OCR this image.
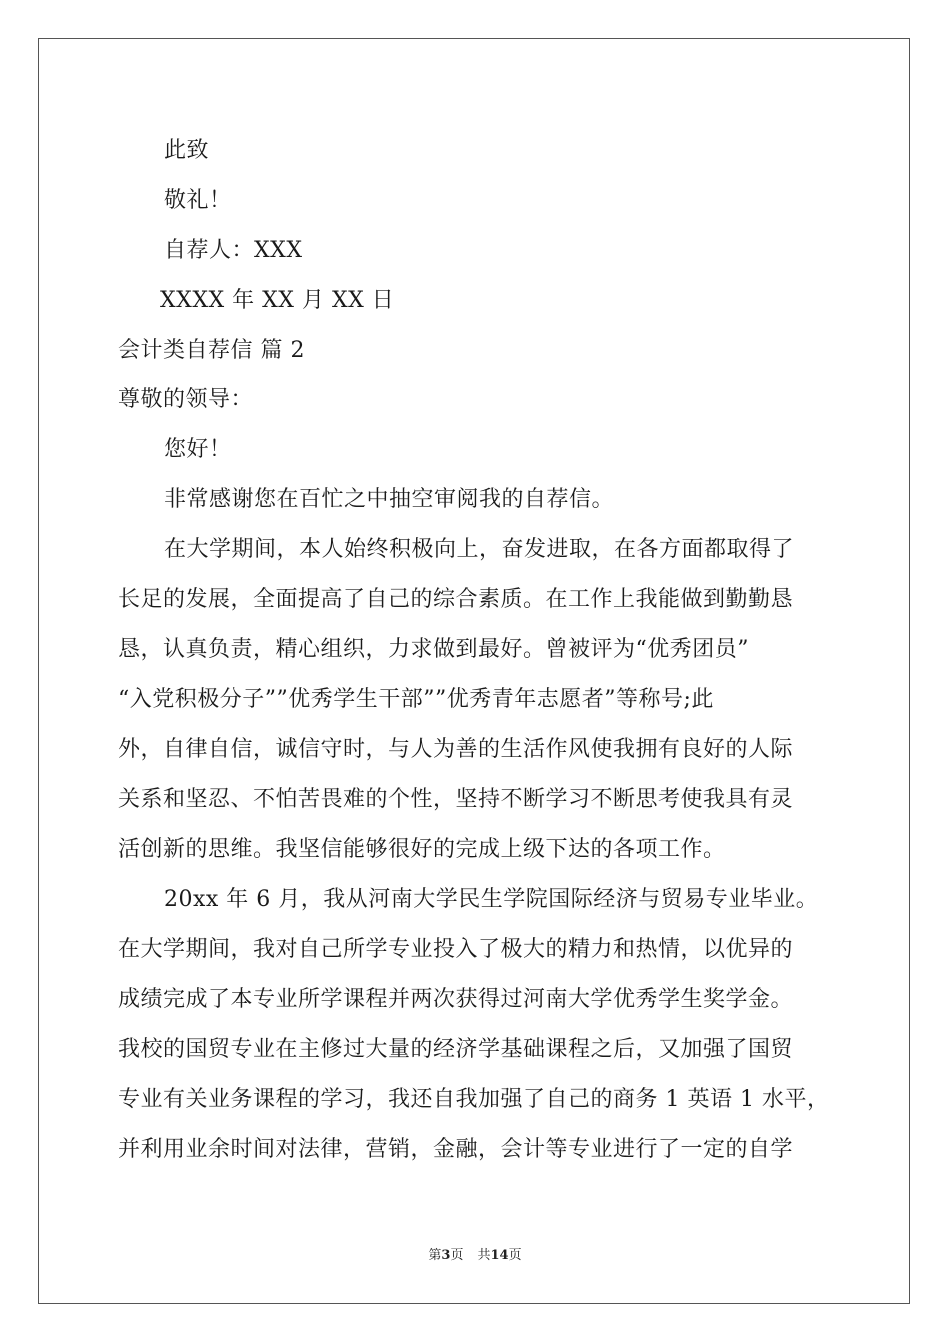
此致
敬礼！
自荐人：XXX
XXXX 年 XX 月 XX 日
会计类自荐信 篇 2
尊敬的领导：
您好！
非常感谢您在百忙之中抽空审阅我的自荐信。
在大学期间，本人始终积极向上，奋发进取，在各方面都取得了
长足的发展，全面提高了自己的综合素质。在工作上我能做到勤勤恳
恳，认真负责，精心组织，力求做到最好。曾被评为“优秀团员”
“入党积极分子””优秀学生干部””优秀青年志愿者”等称号;此
外，自律自信，诚信守时，与人为善的生活作风使我拥有良好的人际
关系和坚忍、不怕苦畏难的个性，坚持不断学习不断思考使我具有灵
活创新的思维。我坚信能够很好的完成上级下达的各项工作。
20xx 年 6 月，我从河南大学民生学院国际经济与贸易专业毕业。
在大学期间，我对自己所学专业投入了极大的精力和热情，以优异的
成绩完成了本专业所学课程并两次获得过河南大学优秀学生奖学金。
我校的国贸专业在主修过大量的经济学基础课程之后，又加强了国贸
专业有关业务课程的学习，我还自我加强了自己的商务 1 英语 1 水平，
并利用业余时间对法律，营销，金融，会计等专业进行了一定的自学
第3页 共14页
